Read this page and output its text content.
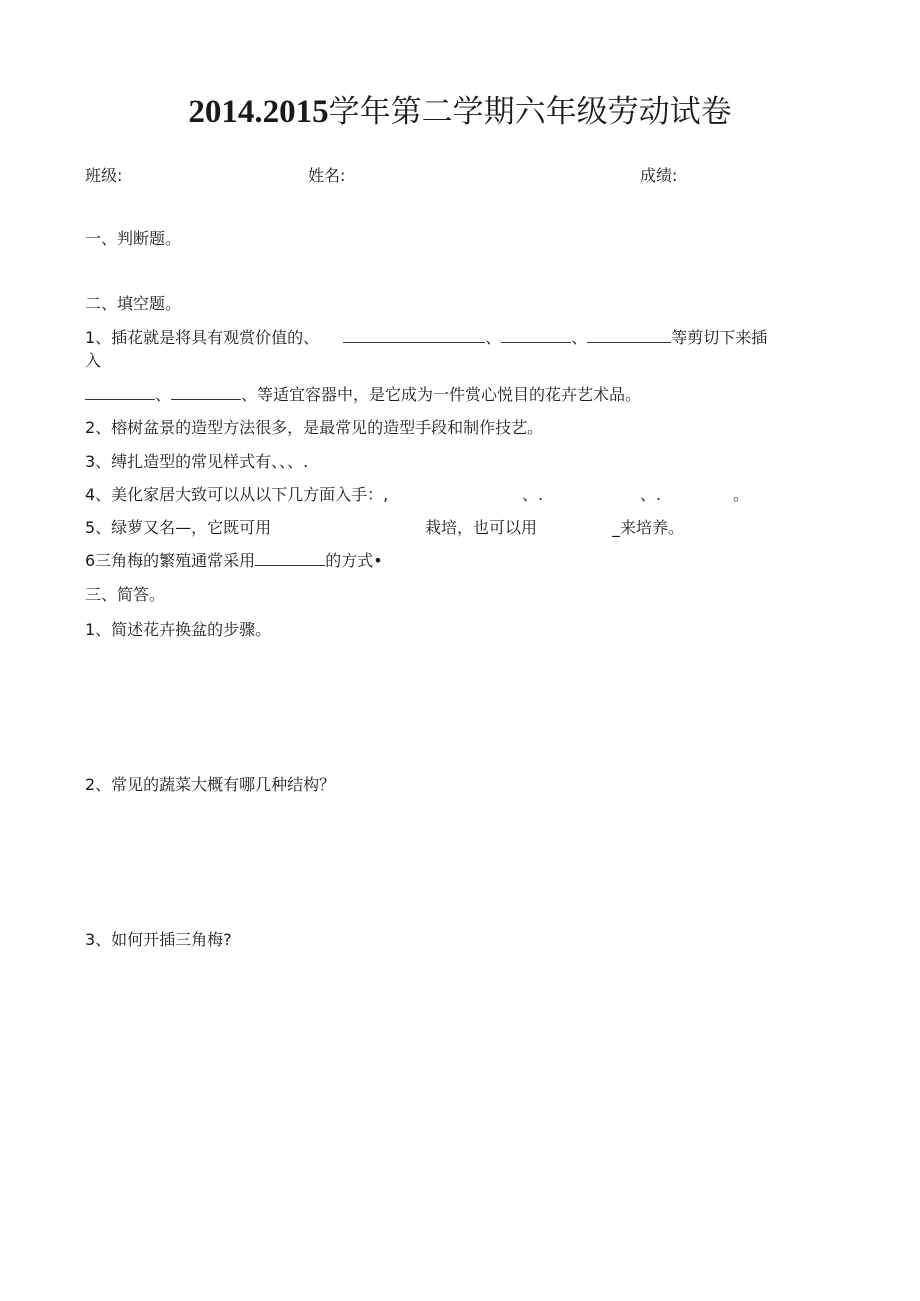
2014.2015学年第二学期六年级劳动试卷
班级:	姓名:	成绩:
一、判断题。
二、填空题。
1、插花就是将具有观赏价值的、	、	、	等剪切下来插
入
、	、等适宜容器中，是它成为一件赏心悦目的花卉艺术品。
2、榕树盆景的造型方法很多，是最常见的造型手段和制作技艺。
3、缚扎造型的常见样式有、、、.
4、美化家居大致可以从以下几方面入手：,	、.	、.	。
5、绿萝又名—，它既可用	栽培，也可以用	_来培养。
6三角梅的繁殖通常采用	的方式•
三、简答。
1、简述花卉换盆的步骤。
2、常见的蔬菜大概有哪几种结构？
3、如何开插三角梅?
